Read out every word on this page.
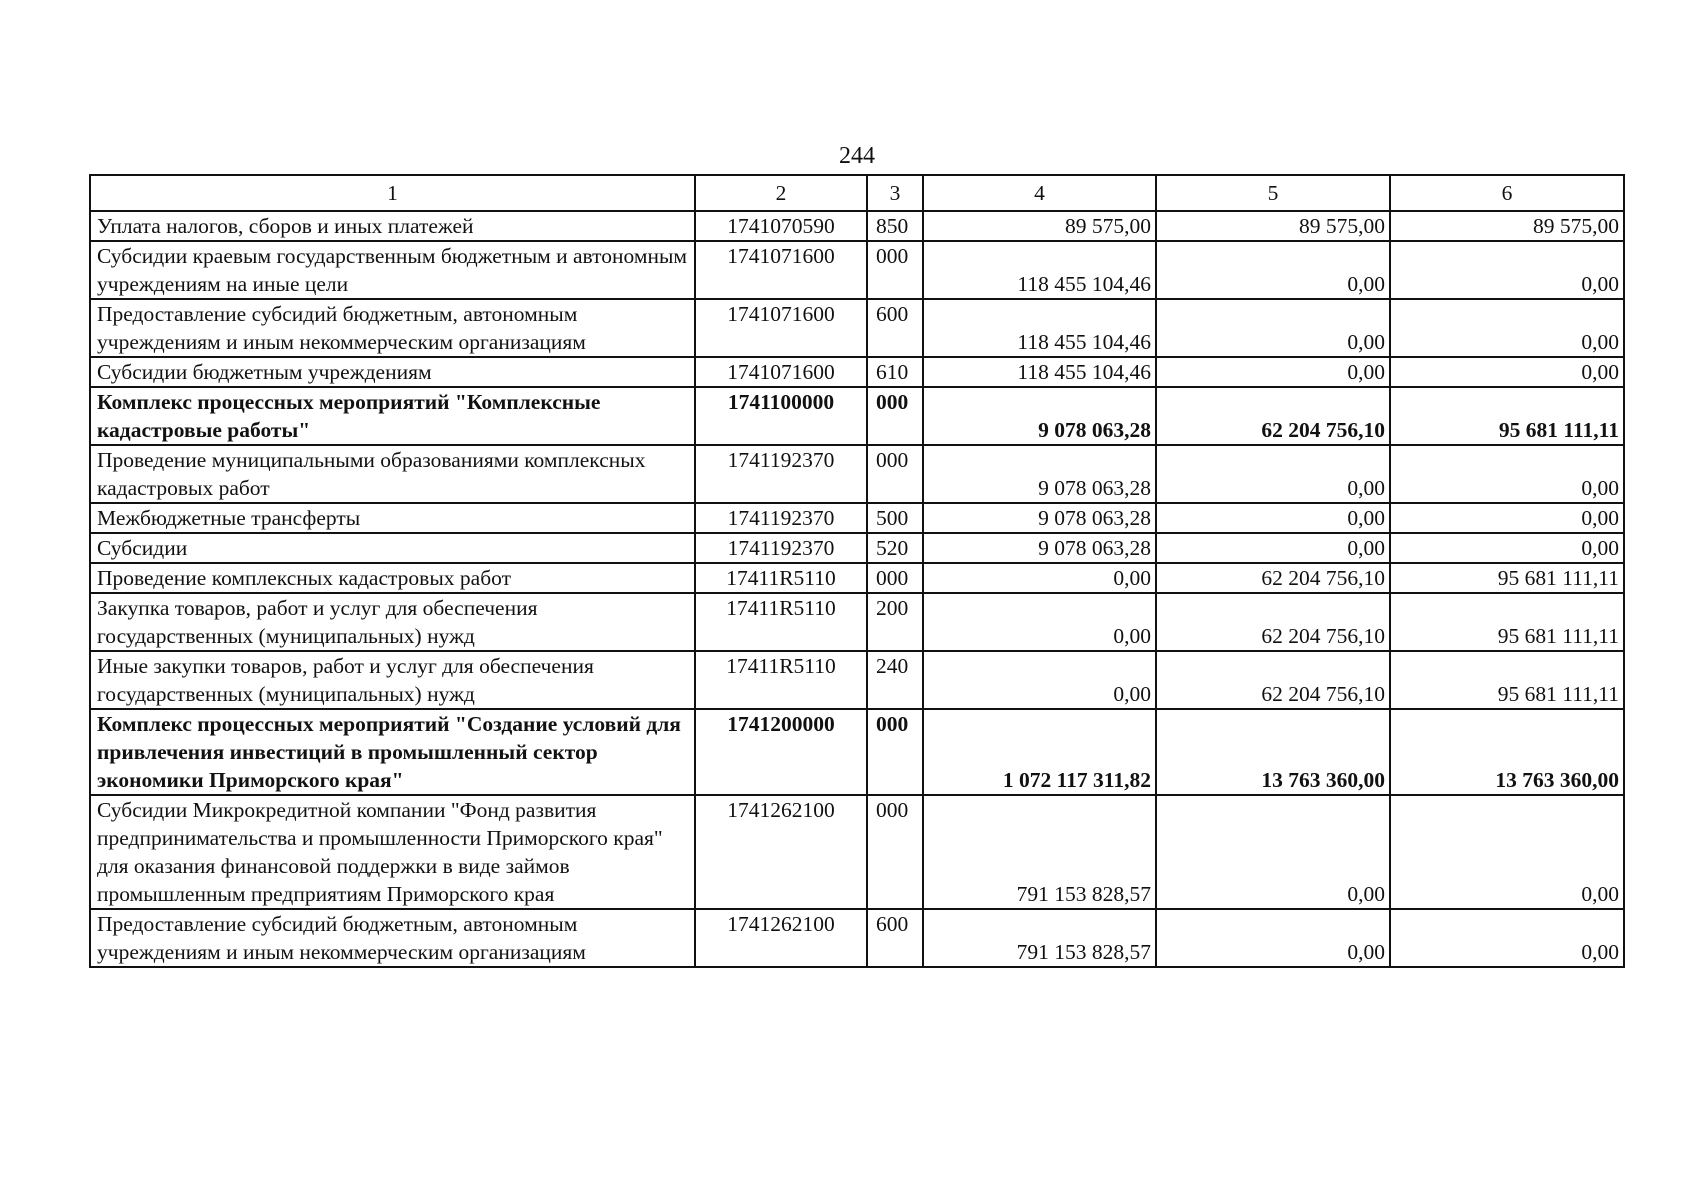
244
1	2	3	4	5	6
Уплата налогов, сборов и иных платежей	1741070590	850	89 575,00	89 575,00	89 575,00
Субсидии краевым государственным бюджетным и автономным учреждениям на иные цели	1741071600	000	118 455 104,46	0,00	0,00
Предоставление субсидий бюджетным, автономным учреждениям и иным некоммерческим организациям	1741071600	600	118 455 104,46	0,00	0,00
Субсидии бюджетным учреждениям	1741071600	610	118 455 104,46	0,00	0,00
Комплекс процессных мероприятий "Комплексные кадастровые работы"	1741100000	000	9 078 063,28	62 204 756,10	95 681 111,11
Проведение муниципальными образованиями комплексных кадастровых работ	1741192370	000	9 078 063,28	0,00	0,00
Межбюджетные трансферты	1741192370	500	9 078 063,28	0,00	0,00
Субсидии	1741192370	520	9 078 063,28	0,00	0,00
Проведение комплексных кадастровых работ	17411R5110	000	0,00	62 204 756,10	95 681 111,11
Закупка товаров, работ и услуг для обеспечения государственных (муниципальных) нужд	17411R5110	200	0,00	62 204 756,10	95 681 111,11
Иные закупки товаров, работ и услуг для обеспечения государственных (муниципальных) нужд	17411R5110	240	0,00	62 204 756,10	95 681 111,11
Комплекс процессных мероприятий "Создание условий для привлечения инвестиций в промышленный сектор экономики Приморского края"	1741200000	000	1 072 117 311,82	13 763 360,00	13 763 360,00
Субсидии Микрокредитной компании "Фонд развития предпринимательства и промышленности Приморского края" для оказания финансовой поддержки в виде займов промышленным предприятиям Приморского края	1741262100	000	791 153 828,57	0,00	0,00
Предоставление субсидий бюджетным, автономным учреждениям и иным некоммерческим организациям	1741262100	600	791 153 828,57	0,00	0,00
